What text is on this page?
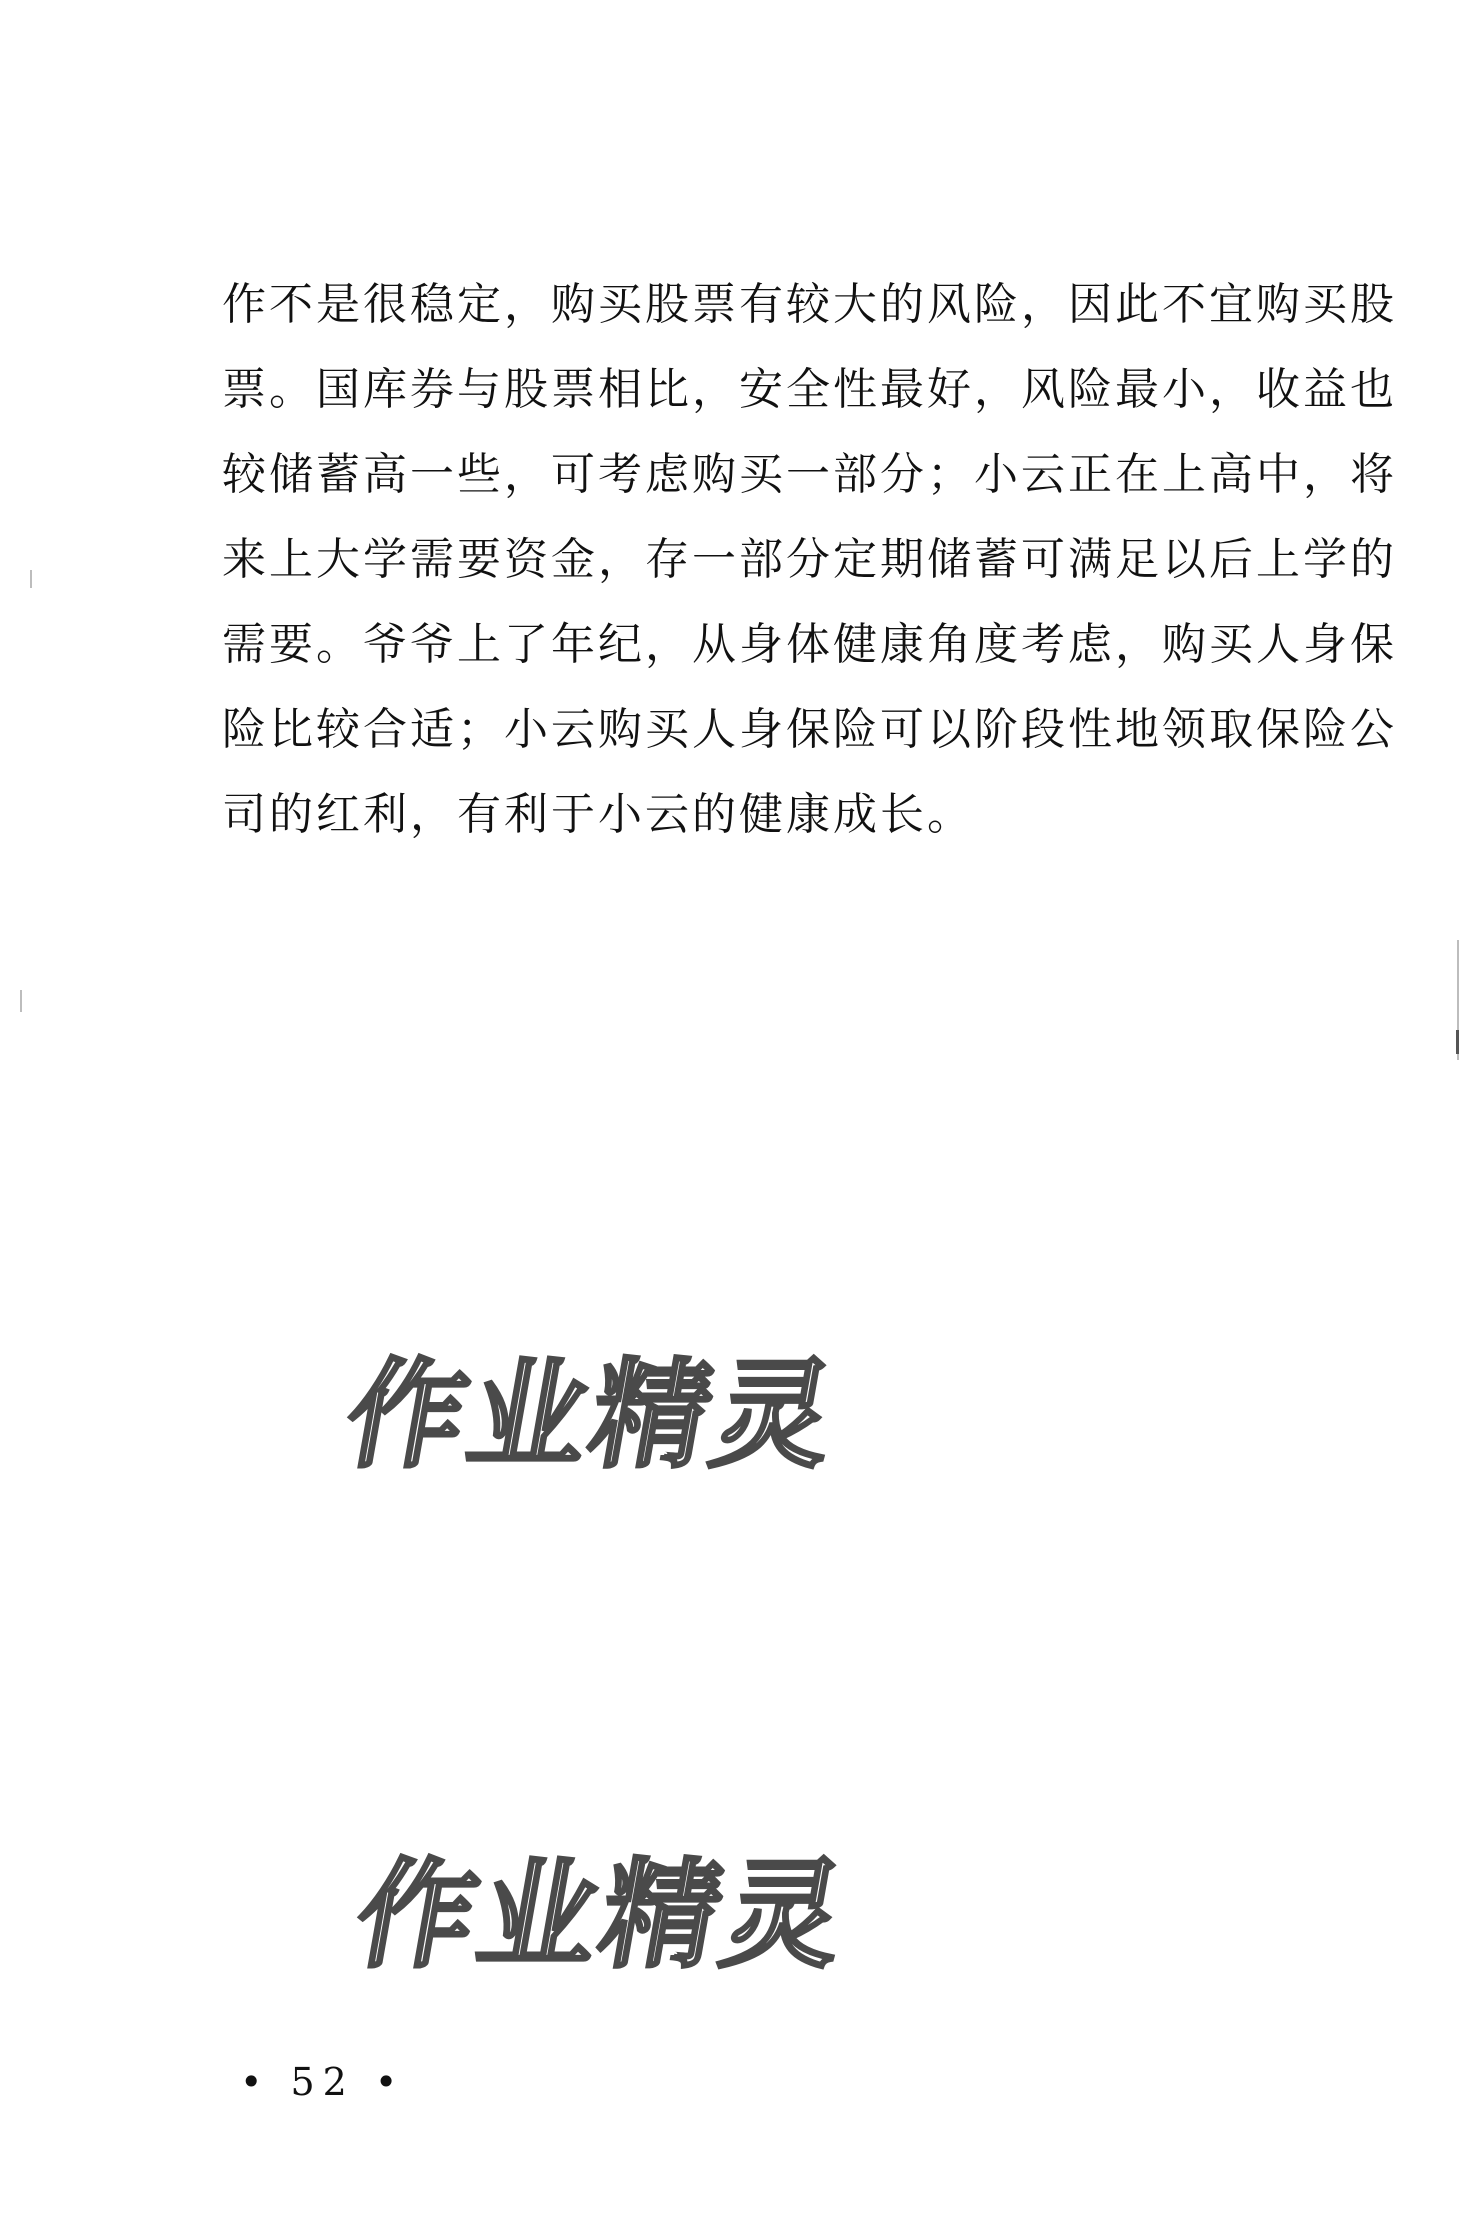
作不是很稳定，购买股票有较大的风险，因此不宜购买股
票。国库券与股票相比，安全性最好，风险最小，收益也
较储蓄高一些，可考虑购买一部分；小云正在上高中，将
来上大学需要资金，存一部分定期储蓄可满足以后上学的
需要。爷爷上了年纪，从身体健康角度考虑，购买人身保
险比较合适；小云购买人身保险可以阶段性地领取保险公
司的红利，有利于小云的健康成长。
作业精灵
作业精灵
• 52 •
